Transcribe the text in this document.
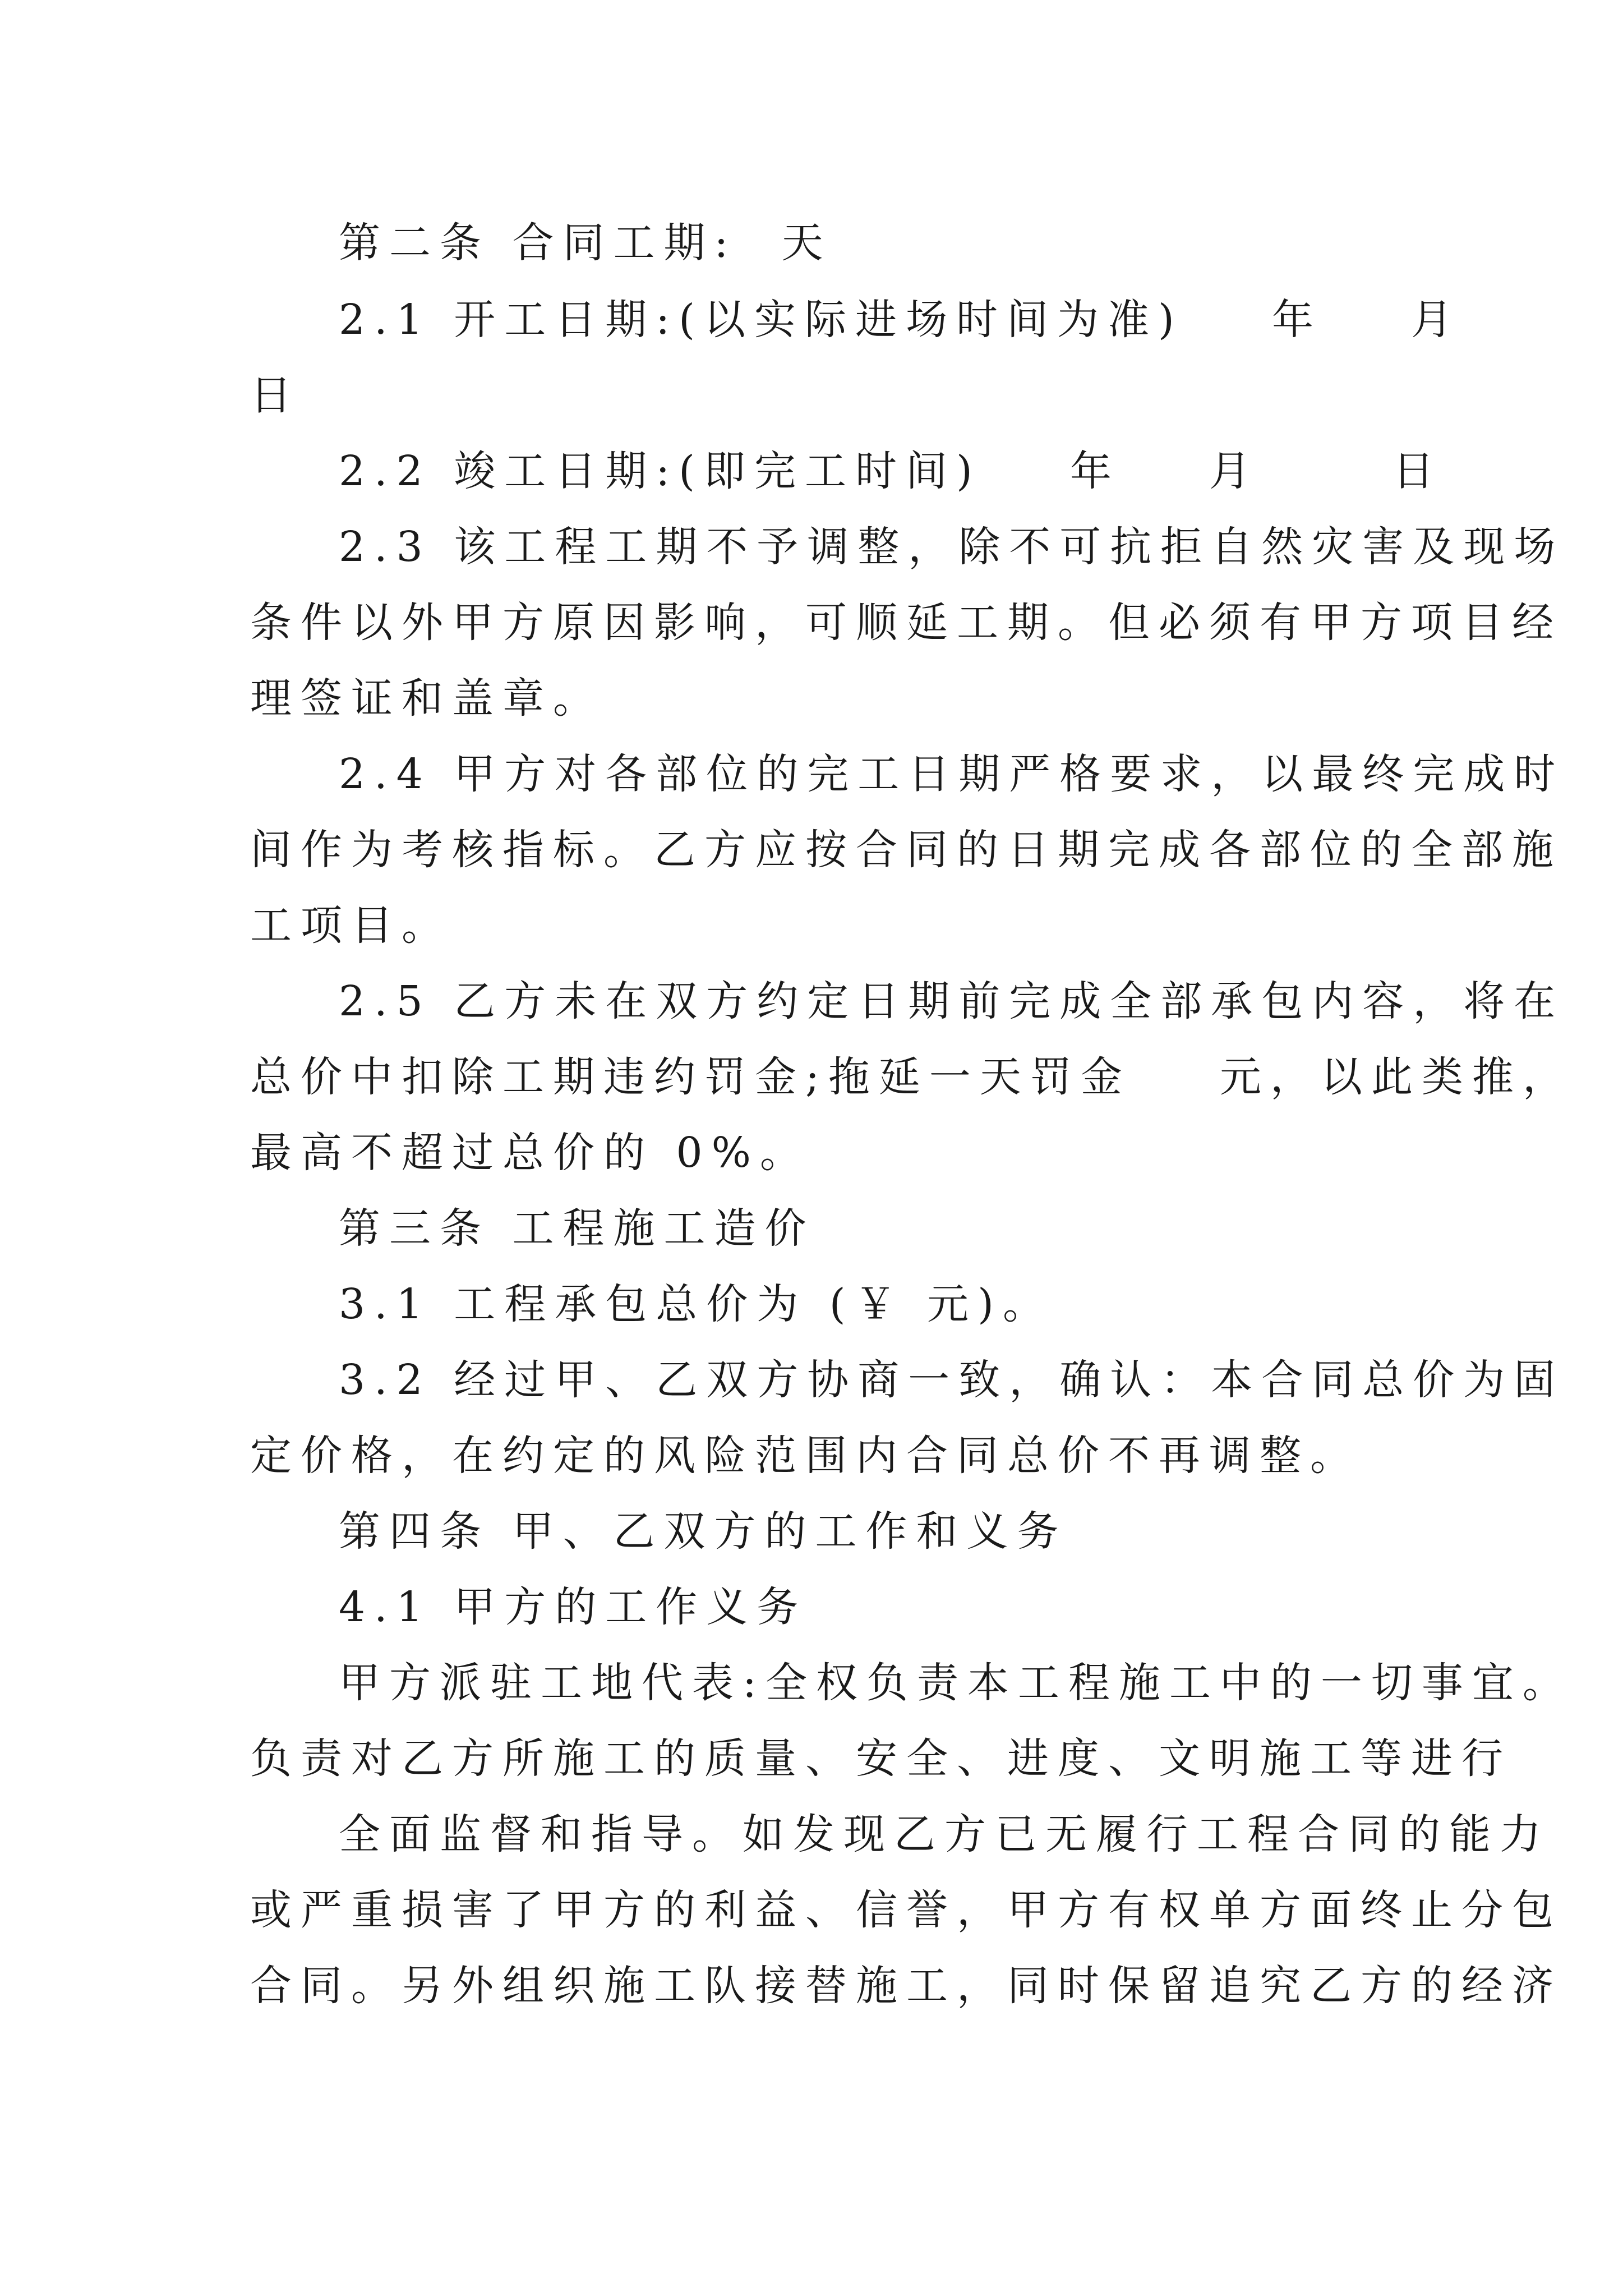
第二条 合同工期:  天
2.1 开工日期:(以实际进场时间为准)    年    月
日
2.2 竣工日期:(即完工时间)    年    月      日
2.3 该工程工期不予调整，除不可抗拒自然灾害及现场
条件以外甲方原因影响，可顺延工期。但必须有甲方项目经
理签证和盖章。
2.4 甲方对各部位的完工日期严格要求，以最终完成时
间作为考核指标。乙方应按合同的日期完成各部位的全部施
工项目。
2.5 乙方未在双方约定日期前完成全部承包内容，将在
总价中扣除工期违约罚金;拖延一天罚金    元，以此类推，
最高不超过总价的 0%。
第三条 工程施工造价
3.1 工程承包总价为 (￥ 元)。
3.2 经过甲、乙双方协商一致，确认：本合同总价为固
定价格，在约定的风险范围内合同总价不再调整。
第四条 甲、乙双方的工作和义务
4.1 甲方的工作义务
甲方派驻工地代表:全权负责本工程施工中的一切事宜。
负责对乙方所施工的质量、安全、进度、文明施工等进行
全面监督和指导。如发现乙方已无履行工程合同的能力
或严重损害了甲方的利益、信誉，甲方有权单方面终止分包
合同。另外组织施工队接替施工，同时保留追究乙方的经济
